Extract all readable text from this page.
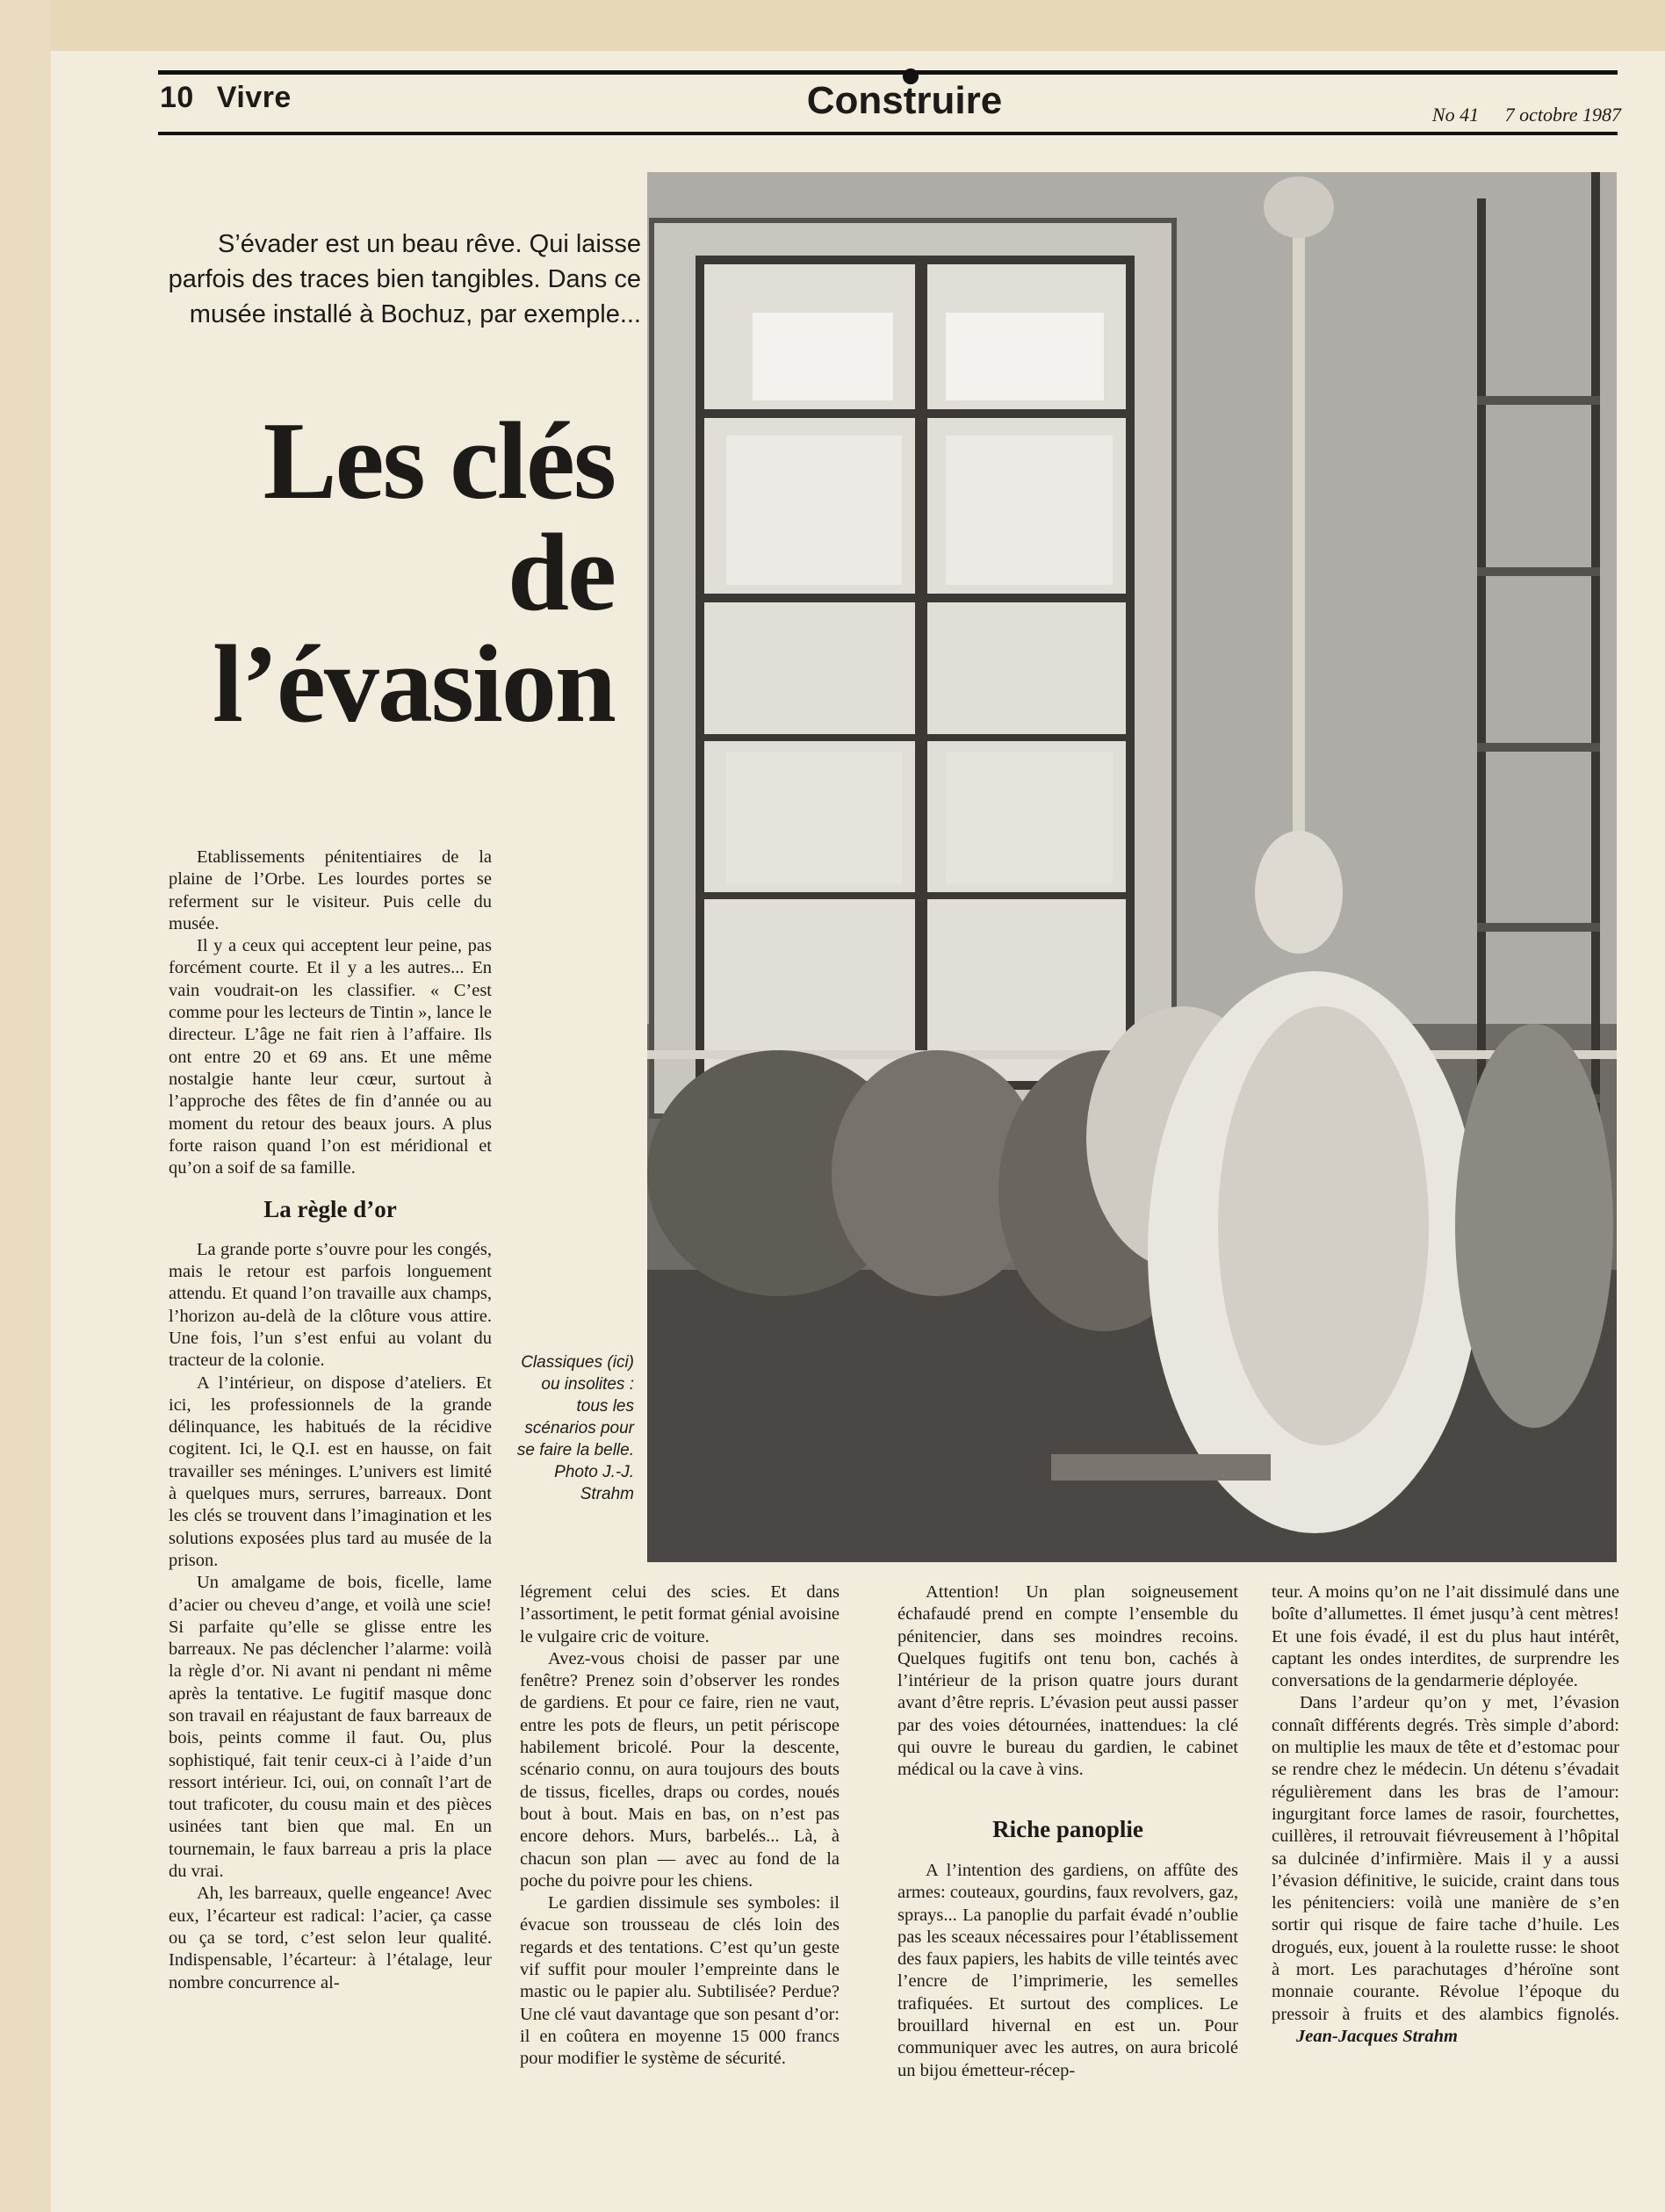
10 Vivre	Construire	No 41 7 octobre 1987
S’évader est un beau rêve. Qui laisse parfois des traces bien tangibles. Dans ce musée installé à Bochuz, par exemple...
Les clés
de
l’évasion
Classiques (ici) ou insolites : tous les scénarios pour se faire la belle. Photo J.-J. Strahm

Etablissements pénitentiaires de la plaine de l’Orbe. Les lourdes portes se referment sur le visiteur. Puis celle du musée.

Il y a ceux qui acceptent leur peine, pas forcément courte. Et il y a les autres... En vain voudrait-on les classifier. « C’est comme pour les lecteurs de Tintin », lance le directeur. L’âge ne fait rien à l’affaire. Ils ont entre 20 et 69 ans. Et une même nostalgie hante leur cœur, surtout à l’approche des fêtes de fin d’année ou au moment du retour des beaux jours. A plus forte raison quand l’on est méridional et qu’on a soif de sa famille.

La règle d’or

La grande porte s’ouvre pour les congés, mais le retour est parfois longuement attendu. Et quand l’on travaille aux champs, l’horizon au-delà de la clôture vous attire. Une fois, l’un s’est enfui au volant du tracteur de la colonie.

A l’intérieur, on dispose d’ateliers. Et ici, les professionnels de la grande délinquance, les habitués de la récidive cogitent. Ici, le Q.I. est en hausse, on fait travailler ses méninges. L’univers est limité à quelques murs, serrures, barreaux. Dont les clés se trouvent dans l’imagination et les solutions exposées plus tard au musée de la prison.

Un amalgame de bois, ficelle, lame d’acier ou cheveu d’ange, et voilà une scie! Si parfaite qu’elle se glisse entre les barreaux. Ne pas déclencher l’alarme: voilà la règle d’or. Ni avant ni pendant ni même après la tentative. Le fugitif masque donc son travail en réajustant de faux barreaux de bois, peints comme il faut. Ou, plus sophistiqué, fait tenir ceux-ci à l’aide d’un ressort intérieur. Ici, oui, on connaît l’art de tout traficoter, du cousu main et des pièces usinées tant bien que mal. En un tournemain, le faux barreau a pris la place du vrai.

Ah, les barreaux, quelle engeance! Avec eux, l’écarteur est radical: l’acier, ça casse ou ça se tord, c’est selon leur qualité. Indispensable, l’écarteur: à l’étalage, leur nombre concurrence al-

légrement celui des scies. Et dans l’assortiment, le petit format génial avoisine le vulgaire cric de voiture.

Avez-vous choisi de passer par une fenêtre? Prenez soin d’observer les rondes de gardiens. Et pour ce faire, rien ne vaut, entre les pots de fleurs, un petit périscope habilement bricolé. Pour la descente, scénario connu, on aura toujours des bouts de tissus, ficelles, draps ou cordes, noués bout à bout. Mais en bas, on n’est pas encore dehors. Murs, barbelés... Là, à chacun son plan — avec au fond de la poche du poivre pour les chiens.

Le gardien dissimule ses symboles: il évacue son trousseau de clés loin des regards et des tentations. C’est qu’un geste vif suffit pour mouler l’empreinte dans le mastic ou le papier alu. Subtilisée? Perdue? Une clé vaut davantage que son pesant d’or: il en coûtera en moyenne 15 000 francs pour modifier le système de sécurité.

Attention! Un plan soigneusement échafaudé prend en compte l’ensemble du pénitencier, dans ses moindres recoins. Quelques fugitifs ont tenu bon, cachés à l’intérieur de la prison quatre jours durant avant d’être repris. L’évasion peut aussi passer par des voies détournées, inattendues: la clé qui ouvre le bureau du gardien, le cabinet médical ou la cave à vins.

Riche panoplie

A l’intention des gardiens, on affûte des armes: couteaux, gourdins, faux revolvers, gaz, sprays... La panoplie du parfait évadé n’oublie pas les sceaux nécessaires pour l’établissement des faux papiers, les habits de ville teintés avec l’encre de l’imprimerie, les semelles trafiquées. Et surtout des complices. Le brouillard hivernal en est un. Pour communiquer avec les autres, on aura bricolé un bijou émetteur-récep-

teur. A moins qu’on ne l’ait dissimulé dans une boîte d’allumettes. Il émet jusqu’à cent mètres! Et une fois évadé, il est du plus haut intérêt, captant les ondes interdites, de surprendre les conversations de la gendarmerie déployée.

Dans l’ardeur qu’on y met, l’évasion connaît différents degrés. Très simple d’abord: on multiplie les maux de tête et d’estomac pour se rendre chez le médecin. Un détenu s’évadait régulièrement dans les bras de l’amour: ingurgitant force lames de rasoir, fourchettes, cuillères, il retrouvait fiévreusement à l’hôpital sa dulcinée d’infirmière. Mais il y a aussi l’évasion définitive, le suicide, craint dans tous les pénitenciers: voilà une manière de s’en sortir qui risque de faire tache d’huile. Les drogués, eux, jouent à la roulette russe: le shoot à mort. Les parachutages d’héroïne sont monnaie courante. Révolue l’époque du pressoir à fruits et des alambics fignolés. Jean-Jacques Strahm
